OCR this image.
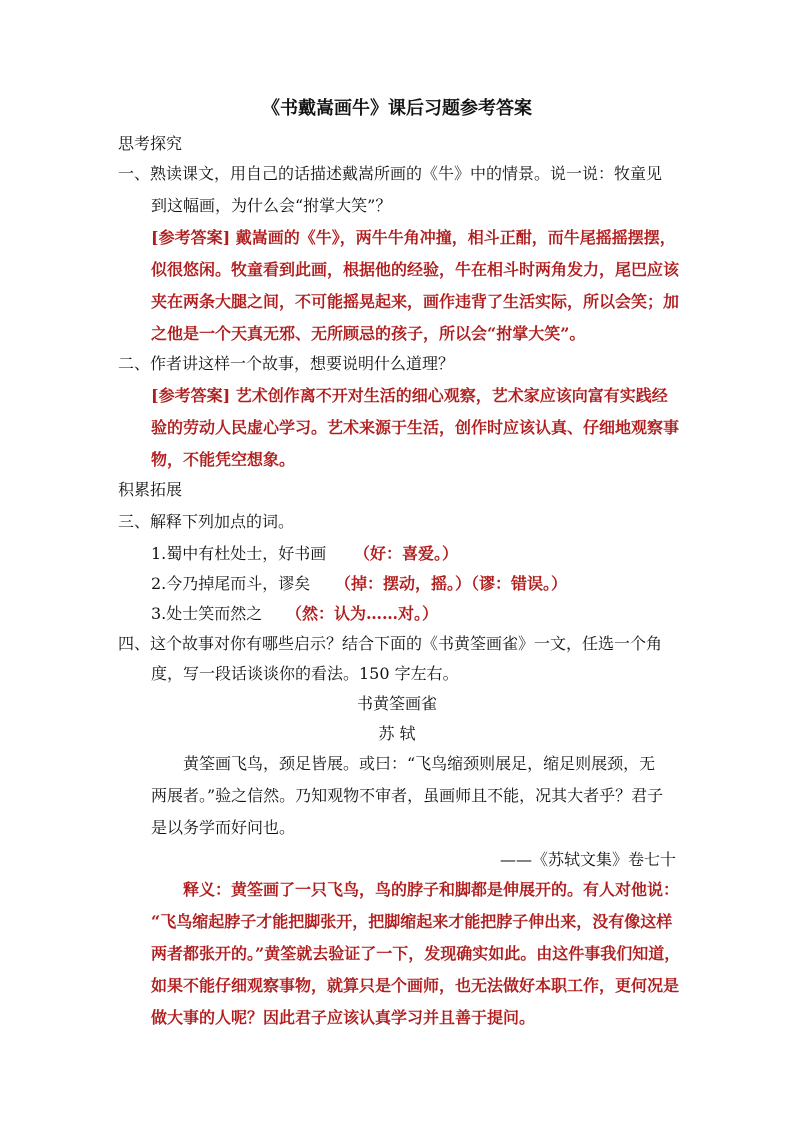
《书戴嵩画牛》课后习题参考答案
思考探究
一、熟读课文，用自己的话描述戴嵩所画的《牛》中的情景。说一说：牧童见
到这幅画，为什么会“拊掌大笑”？
[参考答案] 戴嵩画的《牛》，两牛牛角冲撞，相斗正酣，而牛尾摇摇摆摆，
似很悠闲。牧童看到此画，根据他的经验，牛在相斗时两角发力，尾巴应该
夹在两条大腿之间，不可能摇晃起来，画作违背了生活实际，所以会笑；加
之他是一个天真无邪、无所顾忌的孩子，所以会“拊掌大笑”。
二、作者讲这样一个故事，想要说明什么道理？
[参考答案] 艺术创作离不开对生活的细心观察，艺术家应该向富有实践经
验的劳动人民虚心学习。艺术来源于生活，创作时应该认真、仔细地观察事
物，不能凭空想象。
积累拓展
三、解释下列加点的词。
1.蜀中有杜处士，好书画 （好：喜爱。）
2.今乃掉尾而斗，谬矣 （掉：摆动，摇。）（谬：错误。）
3.处士笑而然之 （然：认为……对。）
四、这个故事对你有哪些启示？结合下面的《书黄筌画雀》一文，任选一个角
度，写一段话谈谈你的看法。150 字左右。
书黄筌画雀
苏 轼
黄筌画飞鸟，颈足皆展。或曰：“飞鸟缩颈则展足，缩足则展颈，无
两展者。”验之信然。乃知观物不审者，虽画师且不能，况其大者乎？君子
是以务学而好问也。
——《苏轼文集》卷七十
释义：黄筌画了一只飞鸟，鸟的脖子和脚都是伸展开的。有人对他说：
“飞鸟缩起脖子才能把脚张开，把脚缩起来才能把脖子伸出来，没有像这样
两者都张开的。”黄筌就去验证了一下，发现确实如此。由这件事我们知道，
如果不能仔细观察事物，就算只是个画师，也无法做好本职工作，更何况是
做大事的人呢？因此君子应该认真学习并且善于提问。
